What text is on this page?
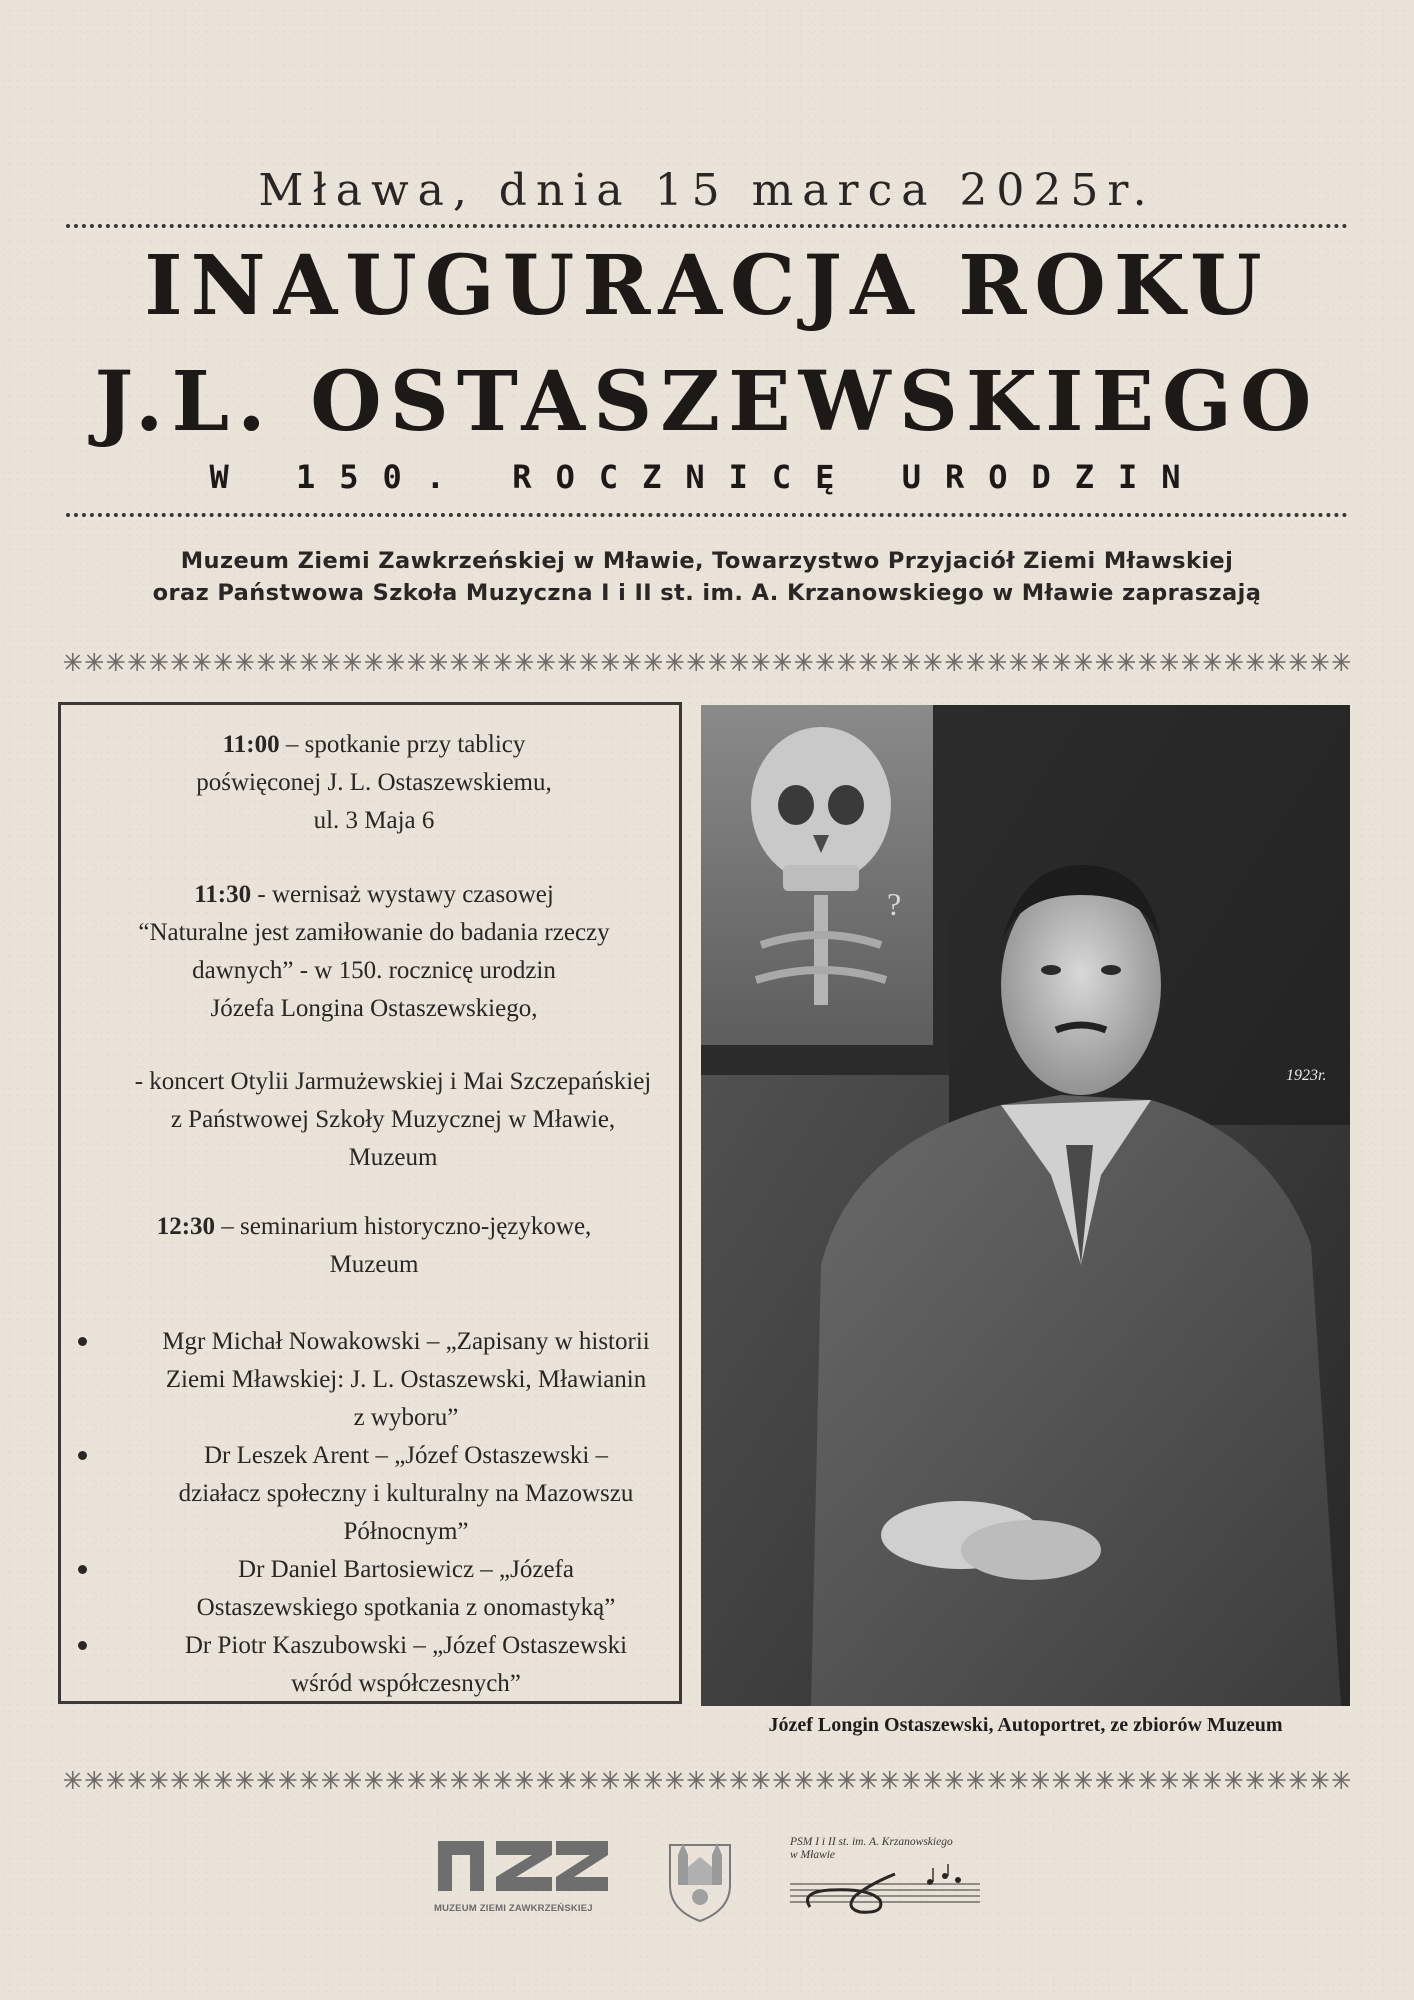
Mława, dnia 15 marca 2025r.
INAUGURACJA ROKU
J.L. OSTASZEWSKIEGO
W 150. ROCZNICĘ URODZIN
Muzeum Ziemi Zawkrzeńskiej w Mławie, Towarzystwo Przyjaciół Ziemi Mławskiej
oraz Państwowa Szkoła Muzyczna I i II st. im. A. Krzanowskiego w Mławie zapraszają
11:00 – spotkanie przy tablicy
poświęconej J. L. Ostaszewskiemu,
ul. 3 Maja 6
11:30 - wernisaż wystawy czasowej
“Naturalne jest zamiłowanie do badania rzeczy
dawnych” - w 150. rocznicę urodzin
Józefa Longina Ostaszewskiego,
- koncert Otylii Jarmużewskiej i Mai Szczepańskiej
z Państwowej Szkoły Muzycznej w Mławie,
Muzeum
12:30 – seminarium historyczno-językowe,
Muzeum
Mgr Michał Nowakowski – „Zapisany w historii
Ziemi Mławskiej: J. L. Ostaszewski, Mławianin
z wyboru”
Dr Leszek Arent – „Józef Ostaszewski –
działacz społeczny i kulturalny na Mazowszu
Północnym”
Dr Daniel Bartosiewicz – „Józefa
Ostaszewskiego spotkania z onomastyką”
Dr Piotr Kaszubowski – „Józef Ostaszewski
wśród współczesnych”
?
1923r.
Józef Longin Ostaszewski, Autoportret, ze zbiorów Muzeum
MUZEUM ZIEMI ZAWKRZEŃSKIEJ
PSM I i II st. im. A. Krzanowskiego
w Mławie
